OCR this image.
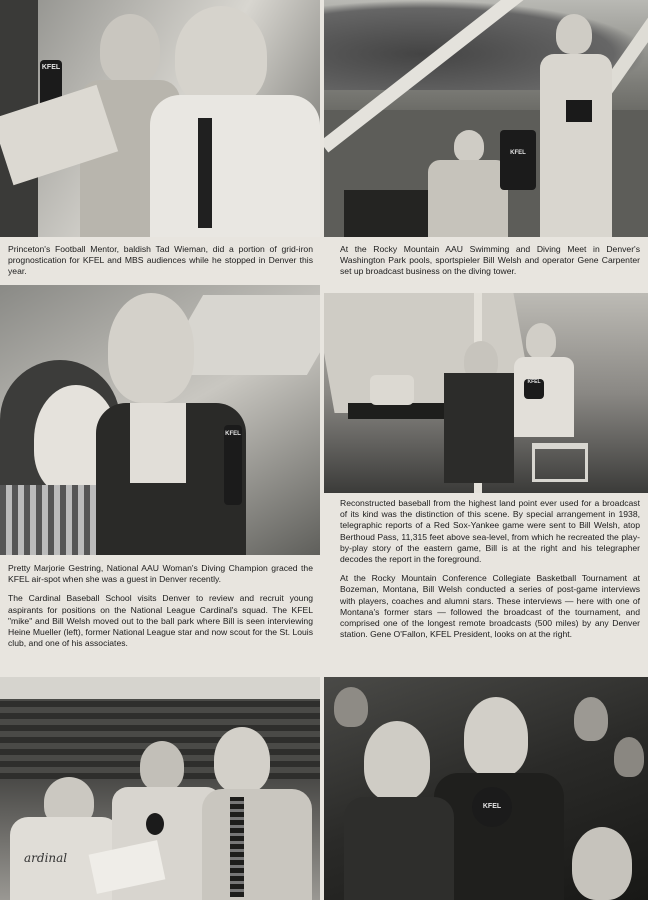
KFEL
KFEL

Princeton's Football Mentor, baldish Tad Wieman, did a portion of grid-iron prognostication for KFEL and MBS audiences while he stopped in Denver this year.

At the Rocky Mountain AAU Swimming and Diving Meet in Denver's Washington Park pools, sportspieler Bill Welsh and operator Gene Carpenter set up broadcast business on the diving tower.

KFEL
KFEL

Pretty Marjorie Gestring, National AAU Woman's Diving Champion graced the KFEL air-spot when she was a guest in Denver recently.

The Cardinal Baseball School visits Denver to review and recruit young aspirants for positions on the National League Cardinal's squad. The KFEL "mike" and Bill Welsh moved out to the ball park where Bill is seen interviewing Heine Mueller (left), former National League star and now scout for the St. Louis club, and one of his associates.

Reconstructed baseball from the highest land point ever used for a broadcast of its kind was the distinction of this scene. By special arrangement in 1938, telegraphic reports of a Red Sox-Yankee game were sent to Bill Welsh, atop Berthoud Pass, 11,315 feet above sea-level, from which he recreated the play-by-play story of the eastern game, Bill is at the right and his telegrapher decodes the report in the foreground.

At the Rocky Mountain Conference Collegiate Basketball Tournament at Bozeman, Montana, Bill Welsh conducted a series of post-game interviews with players, coaches and alumni stars. These interviews — here with one of Montana's former stars — followed the broadcast of the tournament, and comprised one of the longest remote broadcasts (500 miles) by any Denver station. Gene O'Fallon, KFEL President, looks on at the right.

ardinal
KFEL
